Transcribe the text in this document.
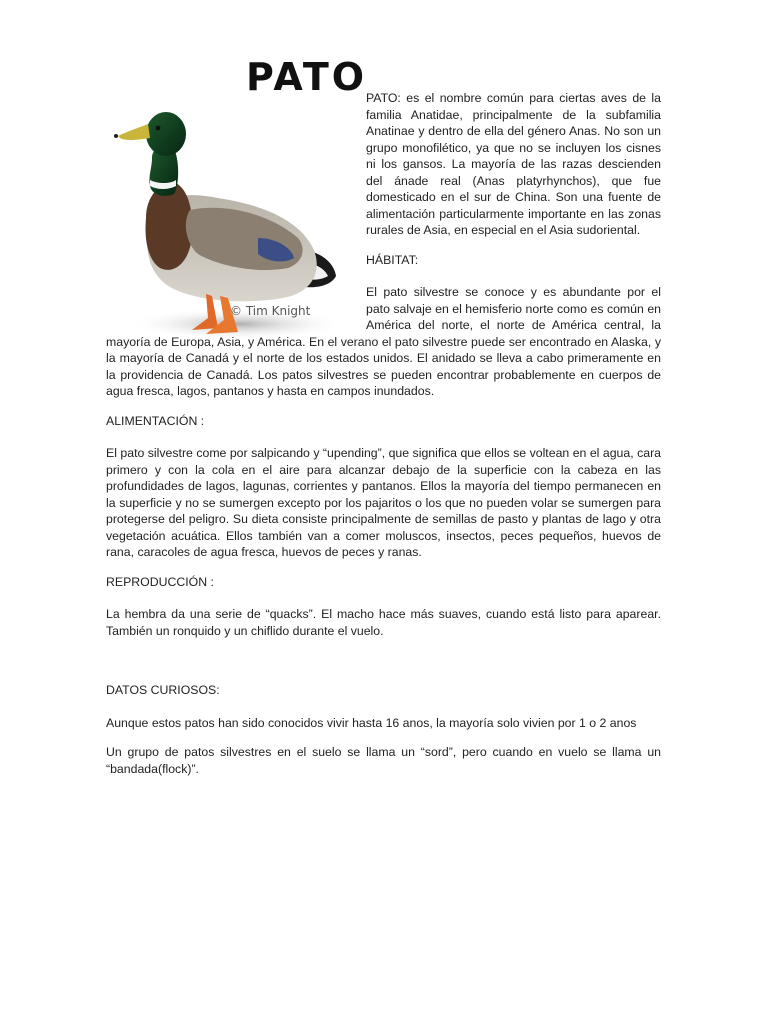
PATO
© Tim Knight

PATO: es el nombre común para ciertas aves de la familia Anatidae, principalmente de la subfamilia Anatinae y dentro de ella del género Anas. No son un grupo monofilético, ya que no se incluyen los cisnes ni los gansos. La mayoría de las razas descienden del ánade real (Anas platyrhynchos), que fue domesticado en el sur de China. Son una fuente de alimentación particularmente importante en las zonas rurales de Asia, en especial en el Asia sudoriental.

HÁBITAT:

El pato silvestre se conoce y es abundante por el pato salvaje en el hemisferio norte como es común en América del norte, el norte de América central, la mayoría de Europa, Asia, y América. En el verano el pato silvestre puede ser encontrado en Alaska, y la mayoría de Canadá y el norte de los estados unidos. El anidado se lleva a cabo primeramente en la providencia de Canadá. Los patos silvestres se pueden encontrar probablemente en cuerpos de agua fresca, lagos, pantanos y hasta en campos inundados.

ALIMENTACIÓN :

El pato silvestre come por salpicando y “upending”, que significa que ellos se voltean en el agua, cara primero y con la cola en el aire para alcanzar debajo de la superficie con la cabeza en las profundidades de lagos, lagunas, corrientes y pantanos. Ellos la mayoría del tiempo permanecen en la superficie y no se sumergen excepto por los pajaritos o los que no pueden volar se sumergen para protegerse del peligro. Su dieta consiste principalmente de semillas de pasto y plantas de lago y otra vegetación acuática. Ellos también van a comer moluscos, insectos, peces pequeños, huevos de rana, caracoles de agua fresca, huevos de peces y ranas.

REPRODUCCIÓN :

La hembra da una serie de “quacks”. El macho hace más suaves, cuando está listo para aparear. También un ronquido y un chiflido durante el vuelo.

DATOS CURIOSOS:

Aunque estos patos han sido conocidos vivir hasta 16 anos, la mayoría solo vivien por 1 o 2 anos

Un grupo de patos silvestres en el suelo se llama un “sord”, pero cuando en vuelo se llama un “bandada(flock)”.
